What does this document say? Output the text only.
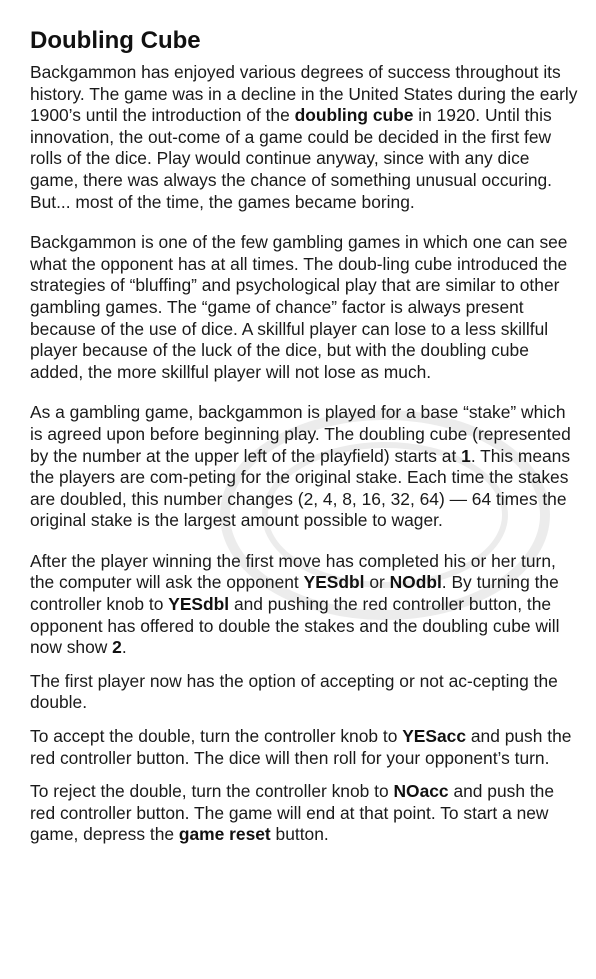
Doubling Cube

Backgammon has enjoyed various degrees of success throughout its history. The game was in a decline in the United States during the early 1900’s until the introduction of the doubling cube in 1920. Until this innovation, the out-come of a game could be decided in the first few rolls of the dice. Play would continue anyway, since with any dice game, there was always the chance of something unusual occuring. But... most of the time, the games became boring.

Backgammon is one of the few gambling games in which one can see what the opponent has at all times. The doub-ling cube introduced the strategies of “bluffing” and psychological play that are similar to other gambling games. The “game of chance” factor is always present because of the use of dice. A skillful player can lose to a less skillful player because of the luck of the dice, but with the doubling cube added, the more skillful player will not lose as much.

As a gambling game, backgammon is played for a base “stake” which is agreed upon before beginning play. The doubling cube (represented by the number at the upper left of the playfield) starts at 1. This means the players are com-peting for the original stake. Each time the stakes are doubled, this number changes (2, 4, 8, 16, 32, 64) — 64 times the original stake is the largest amount possible to wager.

After the player winning the first move has completed his or her turn, the computer will ask the opponent YESdbl or NOdbl. By turning the controller knob to YESdbl and pushing the red controller button, the opponent has offered to double the stakes and the doubling cube will now show 2.

The first player now has the option of accepting or not ac-cepting the double.

To accept the double, turn the controller knob to YESacc and push the red controller button. The dice will then roll for your opponent’s turn.

To reject the double, turn the controller knob to NOacc and push the red controller button. The game will end at that point. To start a new game, depress the game reset button.
